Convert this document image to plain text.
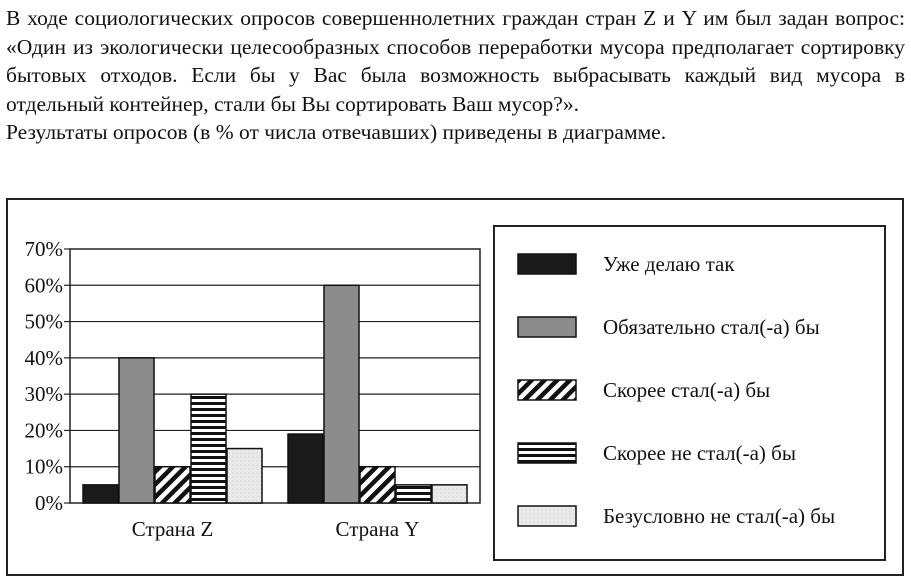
В ходе социологических опросов совершеннолетних граждан стран Z и Y им был задан вопрос: «Один из экологически целесообразных способов переработки мусора предполагает сортировку бытовых отходов. Если бы у Вас была возможность выбрасывать каждый вид мусора в отдельный контейнер, стали бы Вы сортировать Ваш мусор?».

Результаты опросов (в % от числа отвечавших) приведены в диаграмме.

0%
10%
20%
30%
40%
50%
60%
70%
Страна Z	Страна Y
Уже делаю так
Обязательно стал(-а) бы
Скорее стал(-а) бы
Скорее не стал(-а) бы
Безусловно не стал(-а) бы
